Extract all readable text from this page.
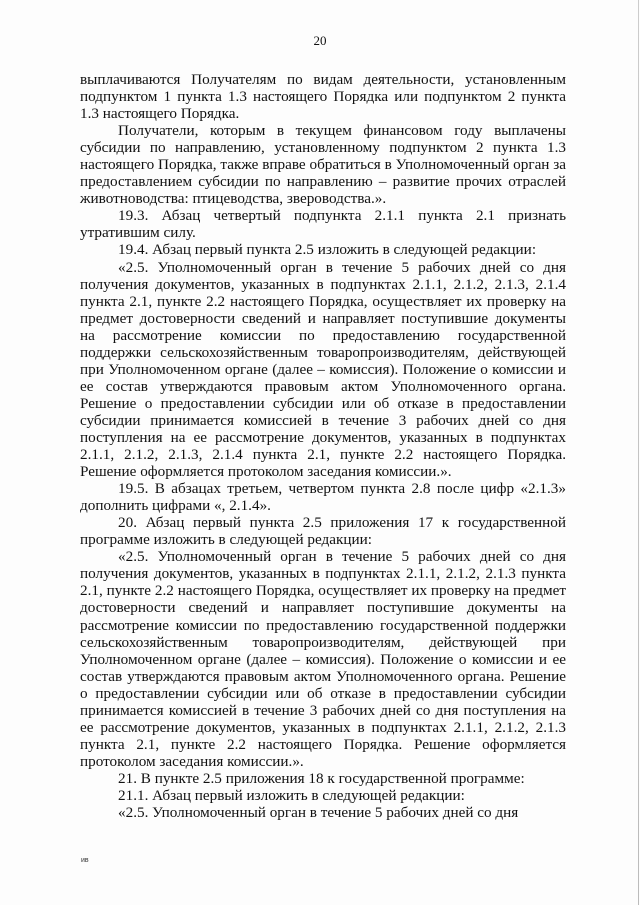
20

выплачиваются Получателям по видам деятельности, установленным подпунктом 1 пункта 1.3 настоящего Порядка или подпунктом 2 пункта 1.3 настоящего Порядка.

Получатели, которым в текущем финансовом году выплачены субсидии по направлению, установленному подпунктом 2 пункта 1.3 настоящего Порядка, также вправе обратиться в Уполномоченный орган за предоставлением субсидии по направлению – развитие прочих отраслей животноводства: птицеводства, звероводства.».

19.3. Абзац четвертый подпункта 2.1.1 пункта 2.1 признать утратившим силу.

19.4. Абзац первый пункта 2.5 изложить в следующей редакции:

«2.5. Уполномоченный орган в течение 5 рабочих дней со дня получения документов, указанных в подпунктах 2.1.1, 2.1.2, 2.1.3, 2.1.4 пункта 2.1, пункте 2.2 настоящего Порядка, осуществляет их проверку на предмет достоверности сведений и направляет поступившие документы на рассмотрение комиссии по предоставлению государственной поддержки сельскохозяйственным товаропроизводителям, действующей при Уполномоченном органе (далее – комиссия). Положение о комиссии и ее состав утверждаются правовым актом Уполномоченного органа. Решение о предоставлении субсидии или об отказе в предоставлении субсидии принимается комиссией в течение 3 рабочих дней со дня поступления на ее рассмотрение документов, указанных в подпунктах 2.1.1, 2.1.2, 2.1.3, 2.1.4 пункта 2.1, пункте 2.2 настоящего Порядка. Решение оформляется протоколом заседания комиссии.».

19.5. В абзацах третьем, четвертом пункта 2.8 после цифр «2.1.3» дополнить цифрами «, 2.1.4».

20. Абзац первый пункта 2.5 приложения 17 к государственной программе изложить в следующей редакции:

«2.5. Уполномоченный орган в течение 5 рабочих дней со дня получения документов, указанных в подпунктах 2.1.1, 2.1.2, 2.1.3 пункта 2.1, пункте 2.2 настоящего Порядка, осуществляет их проверку на предмет достоверности сведений и направляет поступившие документы на рассмотрение комиссии по предоставлению государственной поддержки сельскохозяйственным товаропроизводителям, действующей при Уполномоченном органе (далее – комиссия). Положение о комиссии и ее состав утверждаются правовым актом Уполномоченного органа. Решение о предоставлении субсидии или об отказе в предоставлении субсидии принимается комиссией в течение 3 рабочих дней со дня поступления на ее рассмотрение документов, указанных в подпунктах 2.1.1, 2.1.2, 2.1.3 пункта 2.1, пункте 2.2 настоящего Порядка. Решение оформляется протоколом заседания комиссии.».

21. В пункте 2.5 приложения 18 к государственной программе:

21.1. Абзац первый изложить в следующей редакции:

«2.5. Уполномоченный орган в течение 5 рабочих дней со дня

ив
